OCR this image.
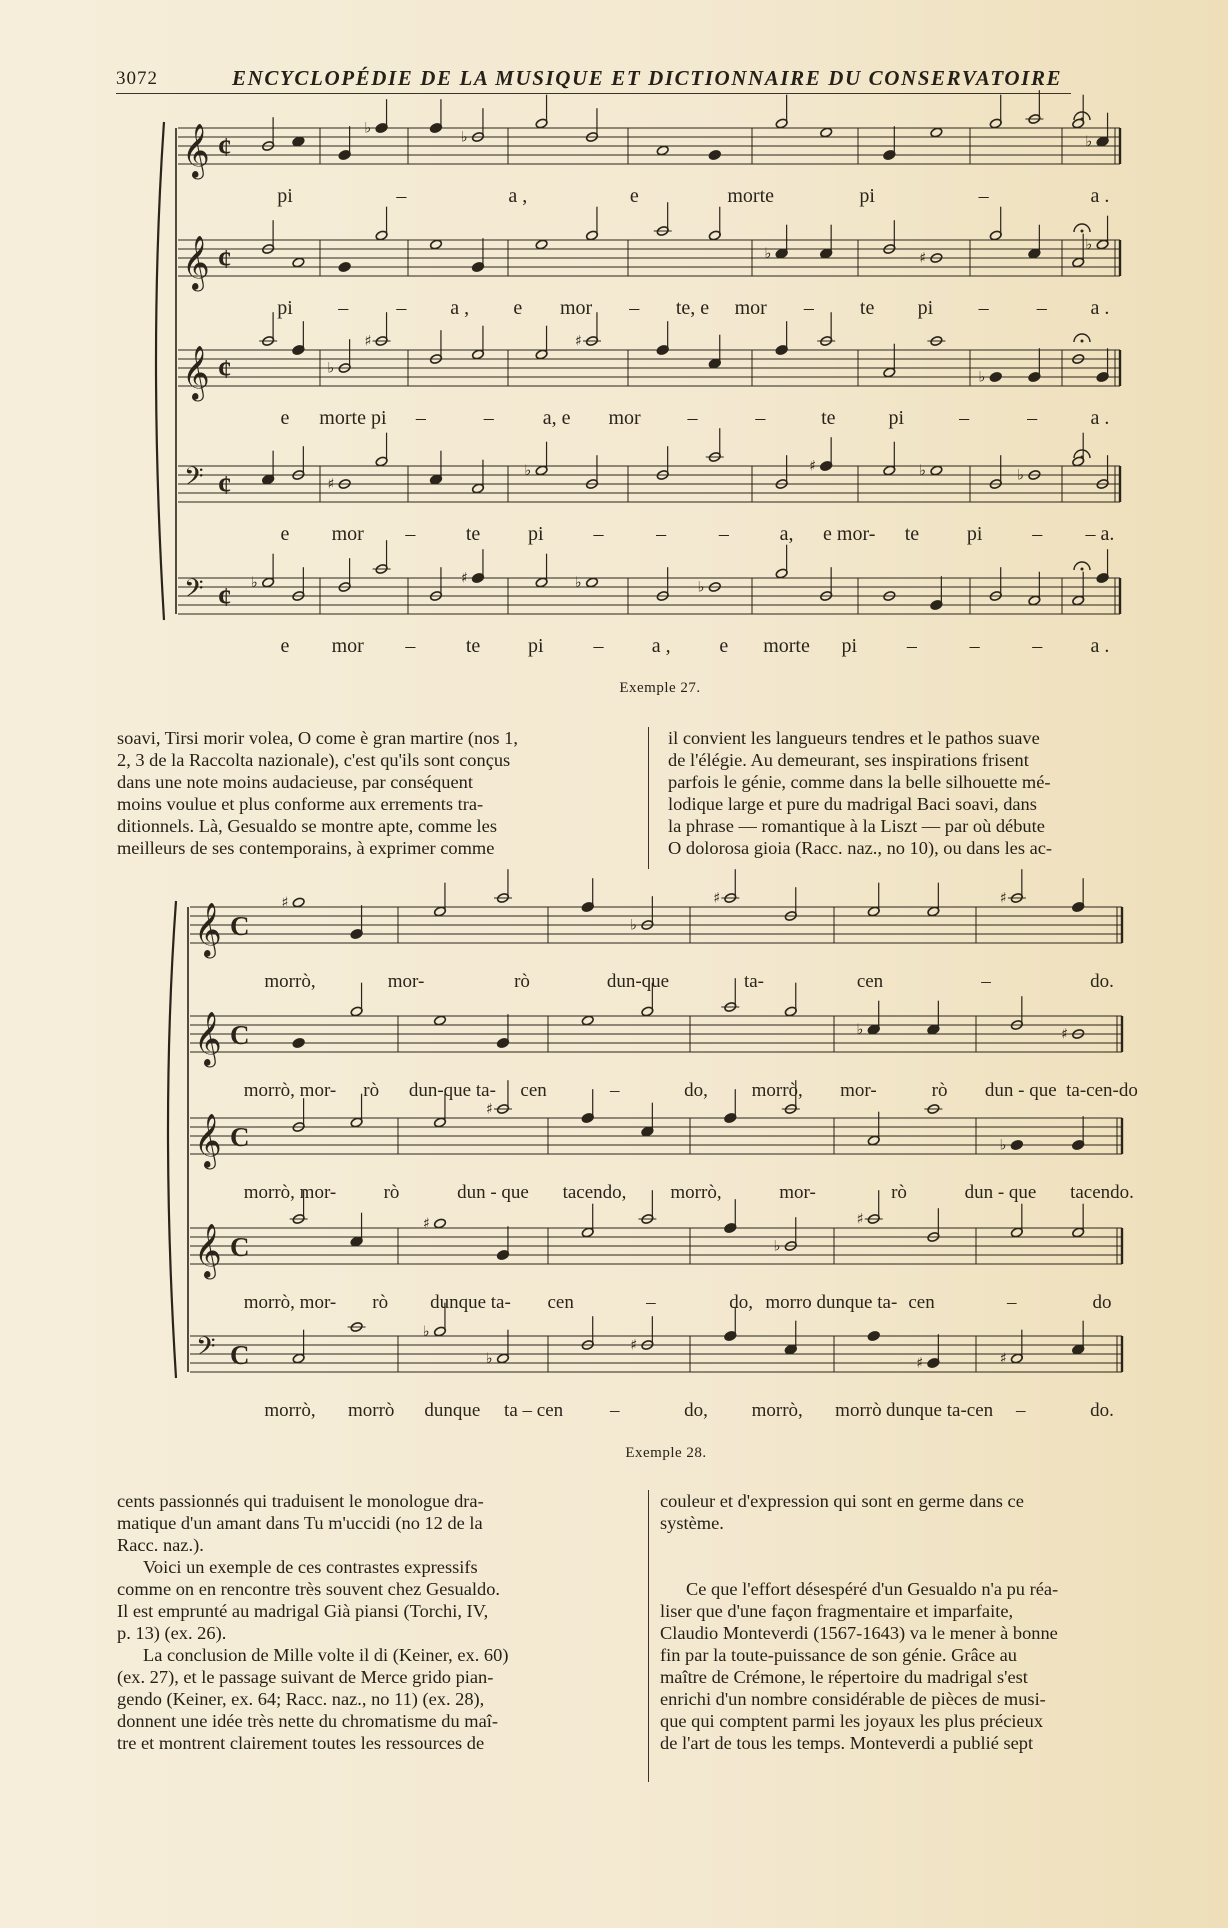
3072	ENCYCLOPÉDIE DE LA MUSIQUE ET DICTIONNAIRE DU CONSERVATOIRE
𝄞 ¢
♭
♭	♭
pi	–	a ,	e	morte	pi	–	a .
𝄞 ¢	♭	♯
♭
pi – – a , e mor – te, e mor – te pi – – a .
𝄞 ¢	♭
♯	♯
♭
e morte pi –	– a, e mor –	–	te	pi	–	–	a .
𝄢 ¢	♯
♭	♯	♭	♭
e mor –	te pi –	–	–	a, e mor- te pi – – a.
𝄢 ¢ ♭	♯	♭	♭
e mor –	te pi – a , e morte pi –	–	– a .
𝄞 C
♯
♭
♯	♯
morrò,	mor-	rò	dun-que	ta-	cen	–	do.
𝄞 C	♭	♯
morrò, mor- rò dun-que ta- cen	–	do, morrò, mor-	rò dun - que ta-cen-do
𝄞 C
♯
♭
morrò, mor- rò	dun - que tacendo, morrò,	mor-	rò	dun - que tacendo.
𝄞 C
♯
♭
♯
morrò, mor- rò dunque ta- cen	–	do, morro dunque ta- cen	–	do
𝄢 C
♭
♭
♯
♯	♯
morrò, morrò dunque ta – cen –	do, morrò, morrò dunque ta-cen –	do.
Exemple 27.
Exemple 28.

soavi, Tirsi morir volea, O come è gran martire (nos 1,

2, 3 de la Raccolta nazionale), c'est qu'ils sont conçus

dans une note moins audacieuse, par conséquent

moins voulue et plus conforme aux errements tra-

ditionnels. Là, Gesualdo se montre apte, comme les

meilleurs de ses contemporains, à exprimer comme

il convient les langueurs tendres et le pathos suave

de l'élégie. Au demeurant, ses inspirations frisent

parfois le génie, comme dans la belle silhouette mé-

lodique large et pure du madrigal Baci soavi, dans

la phrase — romantique à la Liszt — par où débute

O dolorosa gioia (Racc. naz., no 10), ou dans les ac-

cents passionnés qui traduisent le monologue dra-

matique d'un amant dans Tu m'uccidi (no 12 de la

Racc. naz.).

Voici un exemple de ces contrastes expressifs

comme on en rencontre très souvent chez Gesualdo.

Il est emprunté au madrigal Già piansi (Torchi, IV,

p. 13) (ex. 26).

La conclusion de Mille volte il di (Keiner, ex. 60)

(ex. 27), et le passage suivant de Merce grido pian-

gendo (Keiner, ex. 64; Racc. naz., no 11) (ex. 28),

donnent une idée très nette du chromatisme du maî-

tre et montrent clairement toutes les ressources de

couleur et d'expression qui sont en germe dans ce

système.

Ce que l'effort désespéré d'un Gesualdo n'a pu réa-

liser que d'une façon fragmentaire et imparfaite,

Claudio Monteverdi (1567-1643) va le mener à bonne

fin par la toute-puissance de son génie. Grâce au

maître de Crémone, le répertoire du madrigal s'est

enrichi d'un nombre considérable de pièces de musi-

que qui comptent parmi les joyaux les plus précieux

de l'art de tous les temps. Monteverdi a publié sept
